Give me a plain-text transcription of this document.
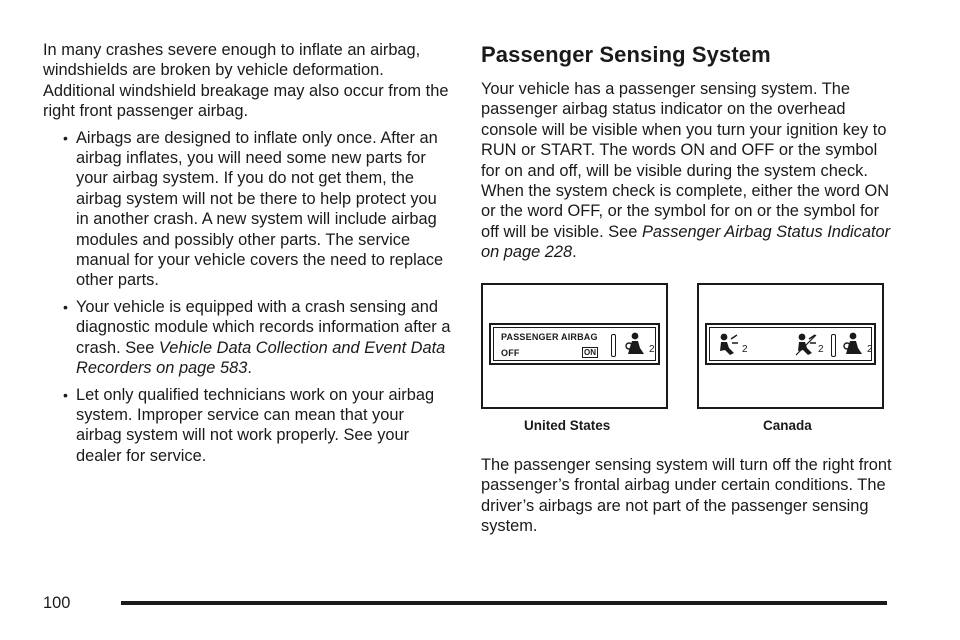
In many crashes severe enough to inflate an airbag, windshields are broken by vehicle deformation. Additional windshield breakage may also occur from the right front passenger airbag.

• Airbags are designed to inflate only once. After an airbag inflates, you will need some new parts for your airbag system. If you do not get them, the airbag system will not be there to help protect you in another crash. A new system will include airbag modules and possibly other parts. The service manual for your vehicle covers the need to replace other parts.
• Your vehicle is equipped with a crash sensing and diagnostic module which records information after a crash. See Vehicle Data Collection and Event Data Recorders on page 583.
• Let only qualified technicians work on your airbag system. Improper service can mean that your airbag system will not work properly. See your dealer for service.
Passenger Sensing System

Your vehicle has a passenger sensing system. The passenger airbag status indicator on the overhead console will be visible when you turn your ignition key to RUN or START. The words ON and OFF or the symbol for on and off, will be visible during the system check. When the system check is complete, either the word ON or the word OFF, or the symbol for on or the symbol for off will be visible. See Passenger Airbag Status Indicator on page 228.

PASSENGER AIRBAG
OFF	ON	2	2	2	2
United States	Canada

The passenger sensing system will turn off the right front passenger’s frontal airbag under certain conditions. The driver’s airbags are not part of the passenger sensing system.

100
